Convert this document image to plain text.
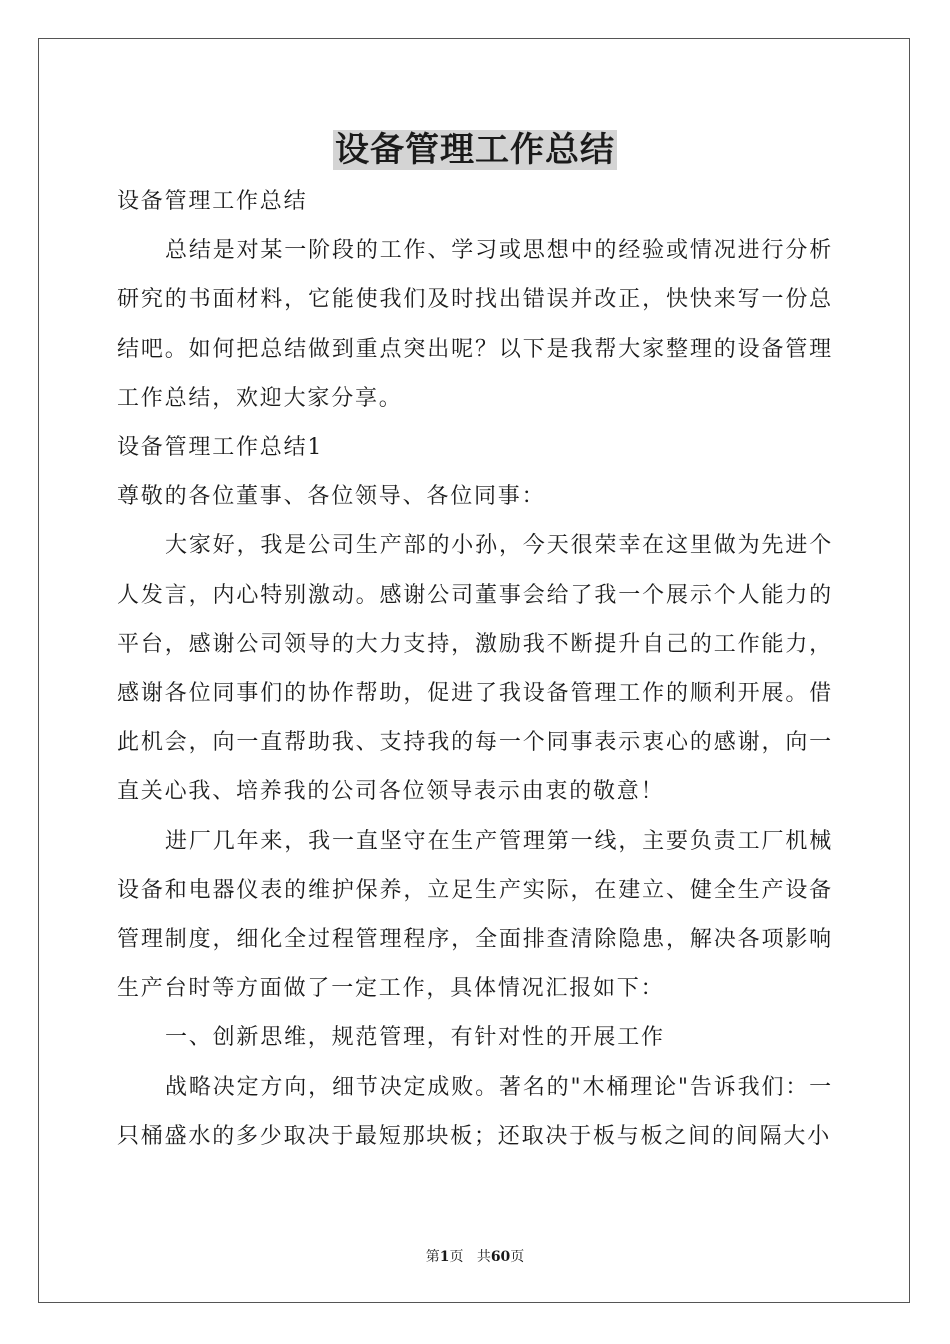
设备管理工作总结
设备管理工作总结
总结是对某一阶段的工作、学习或思想中的经验或情况进行分析研究的书面材料，它能使我们及时找出错误并改正，快快来写一份总结吧。如何把总结做到重点突出呢？以下是我帮大家整理的设备管理工作总结，欢迎大家分享。
设备管理工作总结1
尊敬的各位董事、各位领导、各位同事：
大家好，我是公司生产部的小孙，今天很荣幸在这里做为先进个人发言，内心特别激动。感谢公司董事会给了我一个展示个人能力的平台，感谢公司领导的大力支持，激励我不断提升自己的工作能力，感谢各位同事们的协作帮助，促进了我设备管理工作的顺利开展。借此机会，向一直帮助我、支持我的每一个同事表示衷心的感谢，向一直关心我、培养我的公司各位领导表示由衷的敬意！
进厂几年来，我一直坚守在生产管理第一线，主要负责工厂机械设备和电器仪表的维护保养，立足生产实际，在建立、健全生产设备管理制度，细化全过程管理程序，全面排查清除隐患，解决各项影响生产台时等方面做了一定工作，具体情况汇报如下：
一、创新思维，规范管理，有针对性的开展工作
战略决定方向，细节决定成败。著名的"木桶理论"告诉我们：一只桶盛水的多少取决于最短那块板；还取决于板与板之间的间隔大小
第1页 共60页
